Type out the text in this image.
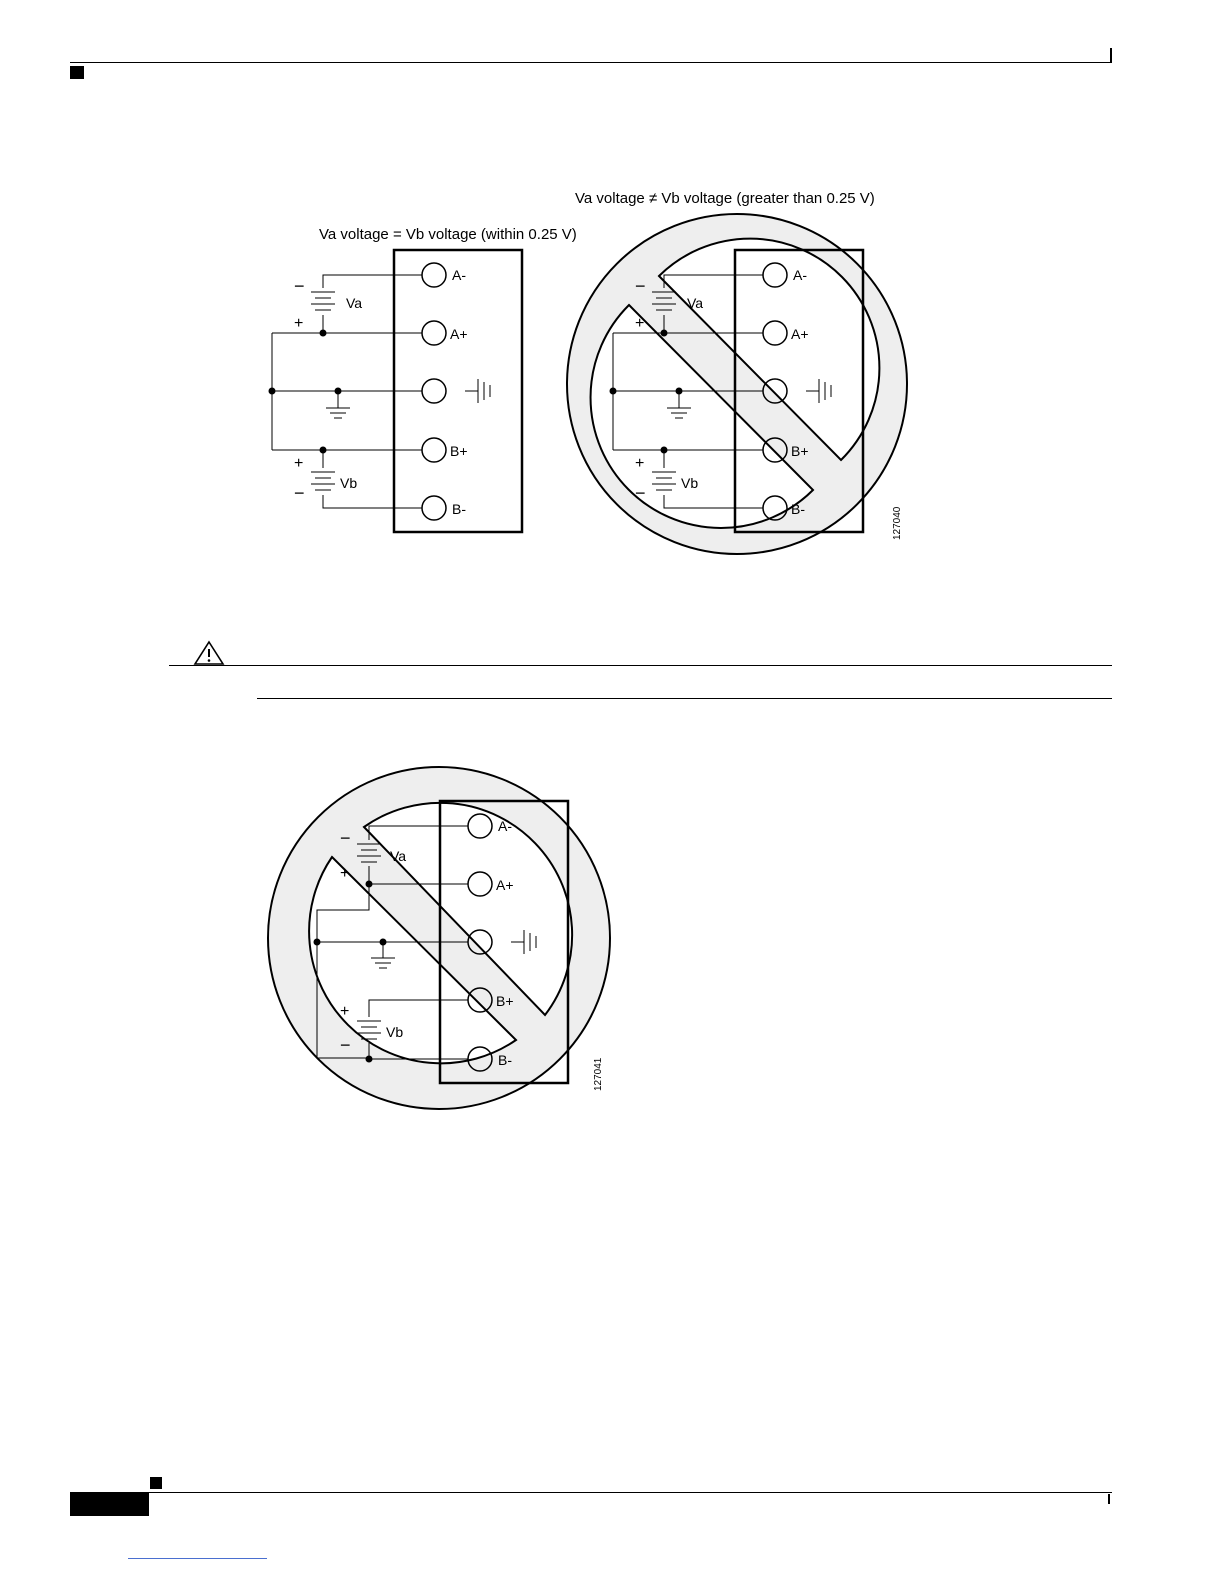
Va voltage = Vb voltage (within 0.25 V)
Va voltage ≠ Vb voltage (greater than 0.25 V)
A-
A+
B+
B-
Va
Vb
−
+
+
−
A-
A+
B+
B-
Va
Vb
−
+
+
−
127040
A-
A+
B+
B-
Va
Vb
−
+
+
−
127041
